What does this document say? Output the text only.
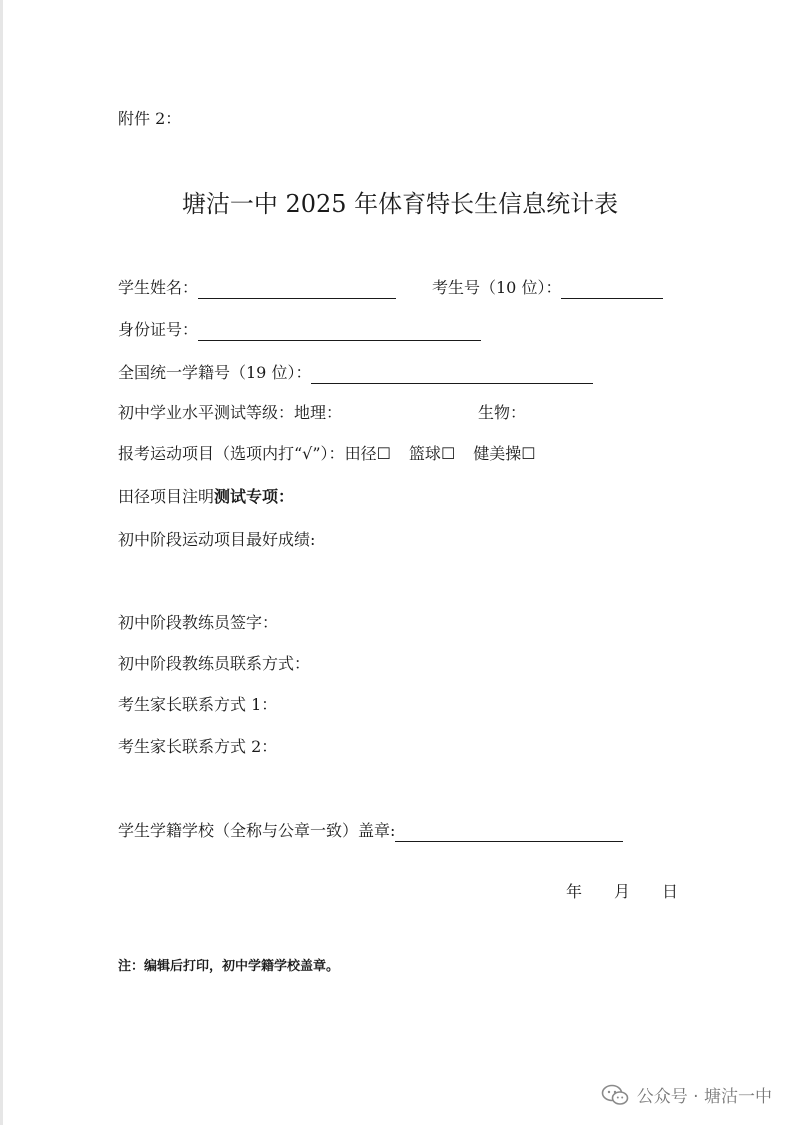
附件 2：
塘沽一中 2025 年体育特长生信息统计表
学生姓名：	考生号（10 位）：
身份证号：
全国统一学籍号（19 位）：
初中学业水平测试等级：地理：	生物：
报考运动项目（选项内打“√”）：田径☐ 篮球☐ 健美操☐
田径项目注明测试专项：
初中阶段运动项目最好成绩:
初中阶段教练员签字：
初中阶段教练员联系方式：
考生家长联系方式 1：
考生家长联系方式 2：
学生学籍学校（全称与公章一致）盖章:
年 月 日
注：编辑后打印，初中学籍学校盖章。
公众号 · 塘沽一中
